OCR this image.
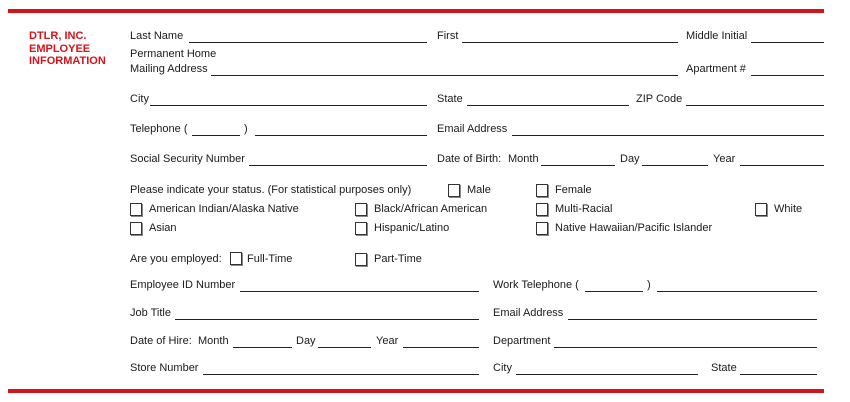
DTLR, INC.
EMPLOYEE
INFORMATION
Last Name	First	Middle Initial
Permanent Home
Mailing Address	Apartment #
City	State	ZIP Code
Telephone (	)	Email Address
Social Security Number	Date of Birth: Month	Day	Year
Please indicate your status. (For statistical purposes only)	Male	Female
American Indian/Alaska Native	Black/African American	Multi-Racial	White
Asian	Hispanic/Latino	Native Hawaiian/Pacific Islander
Are you employed: Full-Time	Part-Time
Employee ID Number	Work Telephone (	)
Job Title	Email Address
Date of Hire: Month	Day	Year	Department
Store Number	City	State
